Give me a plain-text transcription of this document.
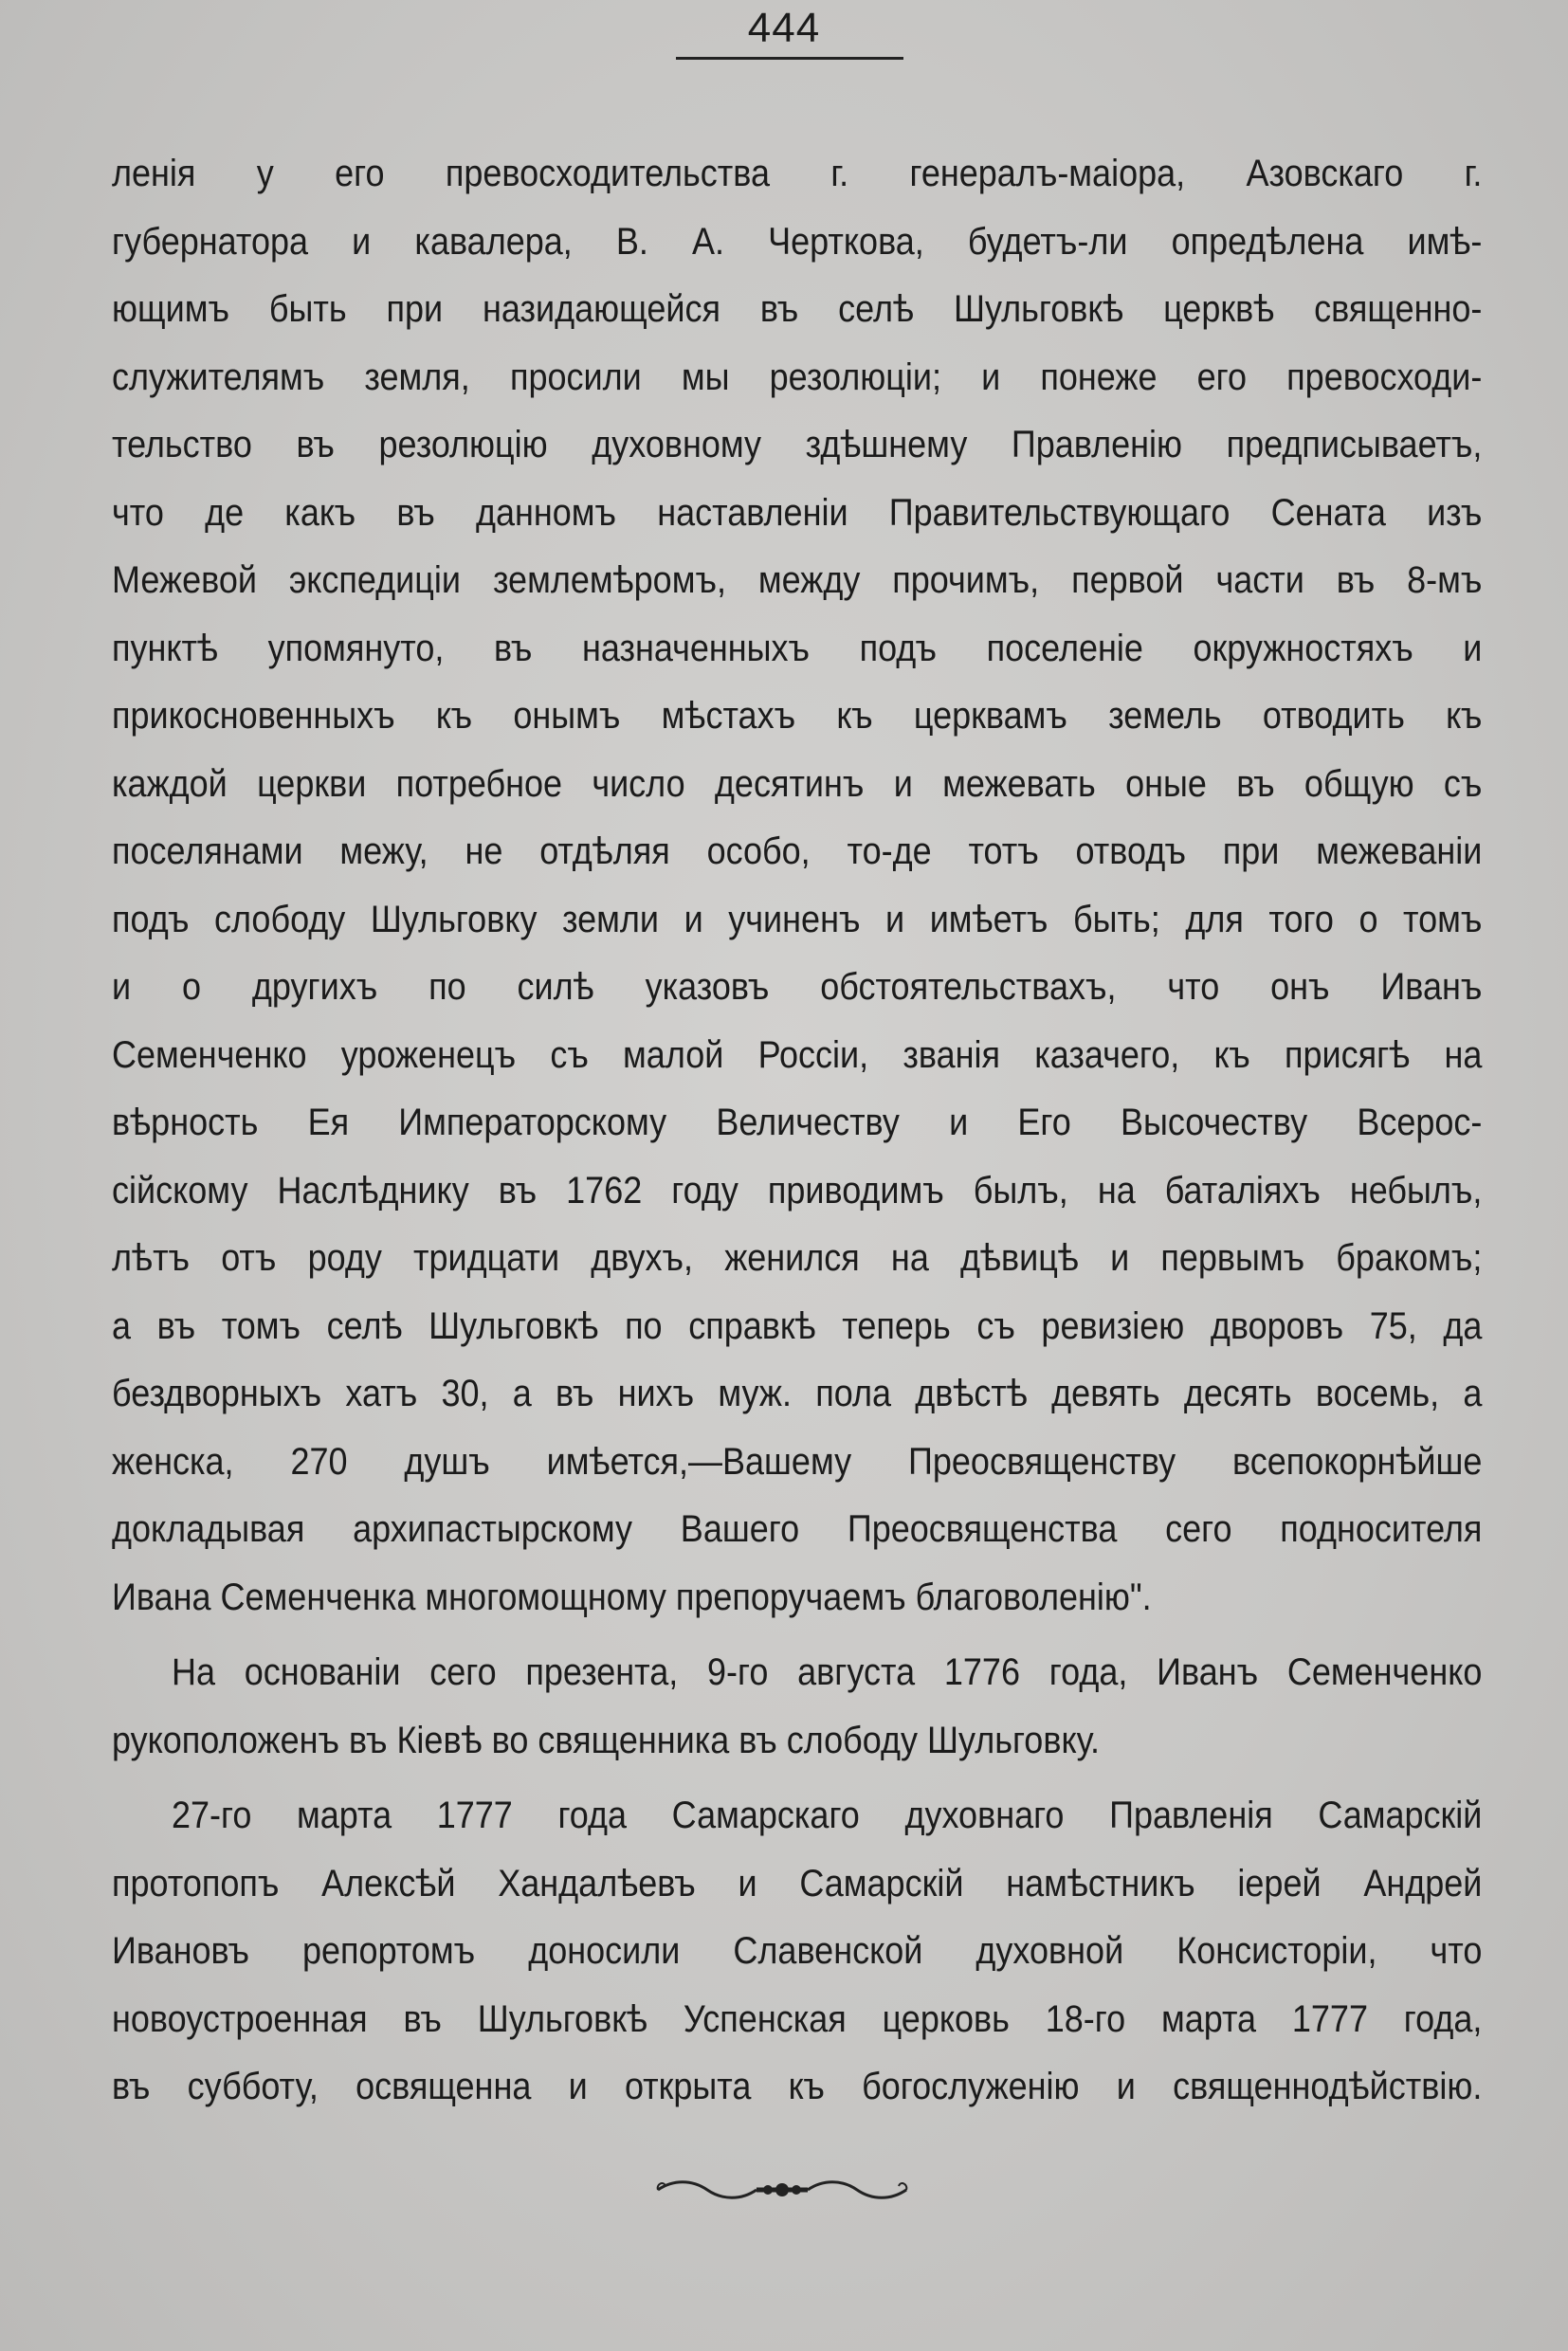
444
ленія у его превосходительства г. генералъ-маіора, Азовскаго г.
губернатора и кавалера, В. А. Черткова, будетъ-ли опредѣлена имѣ-
ющимъ быть при назидающейся въ селѣ Шульговкѣ церквѣ священно-
служителямъ земля, просили мы резолюціи; и понеже его превосходи-
тельство въ резолюцію духовному здѣшнему Правленію предписываетъ,
что де какъ въ данномъ наставленіи Правительствующаго Сената изъ
Межевой экспедиціи землемѣромъ, между прочимъ, первой части въ 8-мъ
пунктѣ упомянуто, въ назначенныхъ подъ поселеніе окружностяхъ и
прикосновенныхъ къ онымъ мѣстахъ къ церквамъ земель отводить къ
каждой церкви потребное число десятинъ и межевать оные въ общую съ
поселянами межу, не отдѣляя особо, то-де тотъ отводъ при межеваніи
подъ слободу Шульговку земли и учиненъ и имѣетъ быть; для того о томъ
и о другихъ по силѣ указовъ обстоятельствахъ, что онъ Иванъ
Семенченко уроженецъ съ малой Россіи, званія казачего, къ присягѣ на
вѣрность Ея Императорскому Величеству и Его Высочеству Всерос-
сійскому Наслѣднику въ 1762 году приводимъ былъ, на баталіяхъ небылъ,
лѣтъ отъ роду тридцати двухъ, женился на дѣвицѣ и первымъ бракомъ;
а въ томъ селѣ Шульговкѣ по справкѣ теперь съ ревизіею дворовъ 75, да
бездворныхъ хатъ 30, а въ нихъ муж. пола двѣстѣ девять десять восемь, а
женска, 270 душъ имѣется,—Вашему Преосвященству всепокорнѣйше
докладывая архипастырскому Вашего Преосвященства сего подносителя
Ивана Семенченка многомощному препоручаемъ благоволенію".
На основаніи сего презента, 9-го августа 1776 года, Иванъ Семенченко
рукоположенъ въ Кіевѣ во священника въ слободу Шульговку.
27-го марта 1777 года Самарскаго духовнаго Правленія Самарскій
протопопъ Алексѣй Хандалѣевъ и Самарскій намѣстникъ іерей Андрей
Ивановъ репортомъ доносили Славенской духовной Консисторіи, что
новоустроенная въ Шульговкѣ Успенская церковь 18-го марта 1777 года,
въ субботу, освященна и открыта къ богослуженію и священнодѣйствію.
